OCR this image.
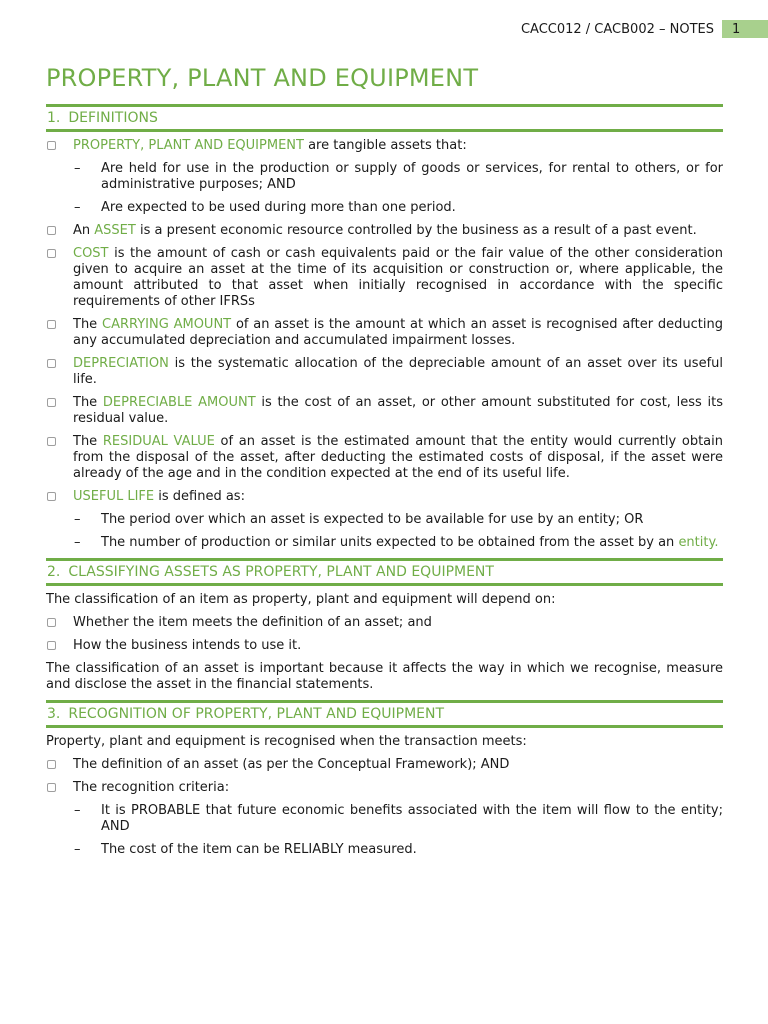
CACC012 / CACB002 – NOTES	1
PROPERTY, PLANT AND EQUIPMENT
1. DEFINITIONS
PROPERTY, PLANT AND EQUIPMENT are tangible assets that:
– Are held for use in the production or supply of goods or services, for rental to others, or for administrative purposes; AND
– Are expected to be used during more than one period.
An ASSET is a present economic resource controlled by the business as a result of a past event.
COST is the amount of cash or cash equivalents paid or the fair value of the other consideration given to acquire an asset at the time of its acquisition or construction or, where applicable, the amount attributed to that asset when initially recognised in accordance with the specific requirements of other IFRSs
The CARRYING AMOUNT of an asset is the amount at which an asset is recognised after deducting any accumulated depreciation and accumulated impairment losses.
DEPRECIATION is the systematic allocation of the depreciable amount of an asset over its useful life.
The DEPRECIABLE AMOUNT is the cost of an asset, or other amount substituted for cost, less its residual value.
The RESIDUAL VALUE of an asset is the estimated amount that the entity would currently obtain from the disposal of the asset, after deducting the estimated costs of disposal, if the asset were already of the age and in the condition expected at the end of its useful life.
USEFUL LIFE is defined as:
– The period over which an asset is expected to be available for use by an entity; OR
– The number of production or similar units expected to be obtained from the asset by an entity.
2. CLASSIFYING ASSETS AS PROPERTY, PLANT AND EQUIPMENT
The classification of an item as property, plant and equipment will depend on:
Whether the item meets the definition of an asset; and
How the business intends to use it.
The classification of an asset is important because it affects the way in which we recognise, measure and disclose the asset in the financial statements.
3. RECOGNITION OF PROPERTY, PLANT AND EQUIPMENT
Property, plant and equipment is recognised when the transaction meets:
The definition of an asset (as per the Conceptual Framework); AND
The recognition criteria:
– It is PROBABLE that future economic benefits associated with the item will flow to the entity; AND
– The cost of the item can be RELIABLY measured.
